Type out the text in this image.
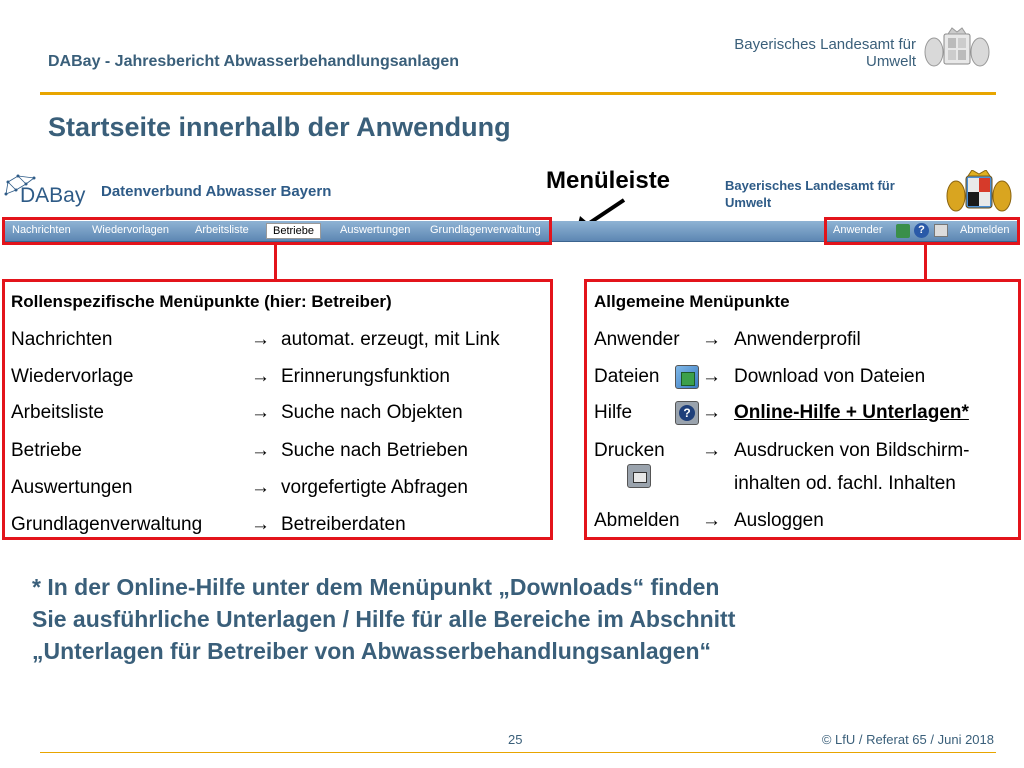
DABay - Jahresbericht Abwasserbehandlungsanlagen
Bayerisches Landesamt für
Umwelt
Startseite innerhalb der Anwendung
DABay Datenverbund Abwasser Bayern	Menüleiste	Bayerisches Landesamt für
Umwelt
Nachrichten Wiedervorlagen Arbeitsliste	Betriebe	Auswertungen Grundlagenverwaltung	Anwender	?	Abmelden
Rollenspezifische Menüpunkte (hier: Betreiber)
Nachrichten	→ automat. erzeugt, mit Link
Wiedervorlage	→ Erinnerungsfunktion
Arbeitsliste	→ Suche nach Objekten
Betriebe	→ Suche nach Betrieben
Auswertungen	→ vorgefertigte Abfragen
Grundlagenverwaltung	→ Betreiberdaten
Allgemeine Menüpunkte
Anwender → Anwenderprofil
Dateien → Download von Dateien
Hilfe	? → Online-Hilfe + Unterlagen*
Drucken → Ausdrucken von Bildschirm-
inhalten od. fachl. Inhalten
Abmelden → Ausloggen
* In der Online-Hilfe unter dem Menüpunkt „Downloads“ finden
Sie ausführliche Unterlagen / Hilfe für alle Bereiche im Abschnitt
„Unterlagen für Betreiber von Abwasserbehandlungsanlagen“
25	© LfU / Referat 65 / Juni 2018
